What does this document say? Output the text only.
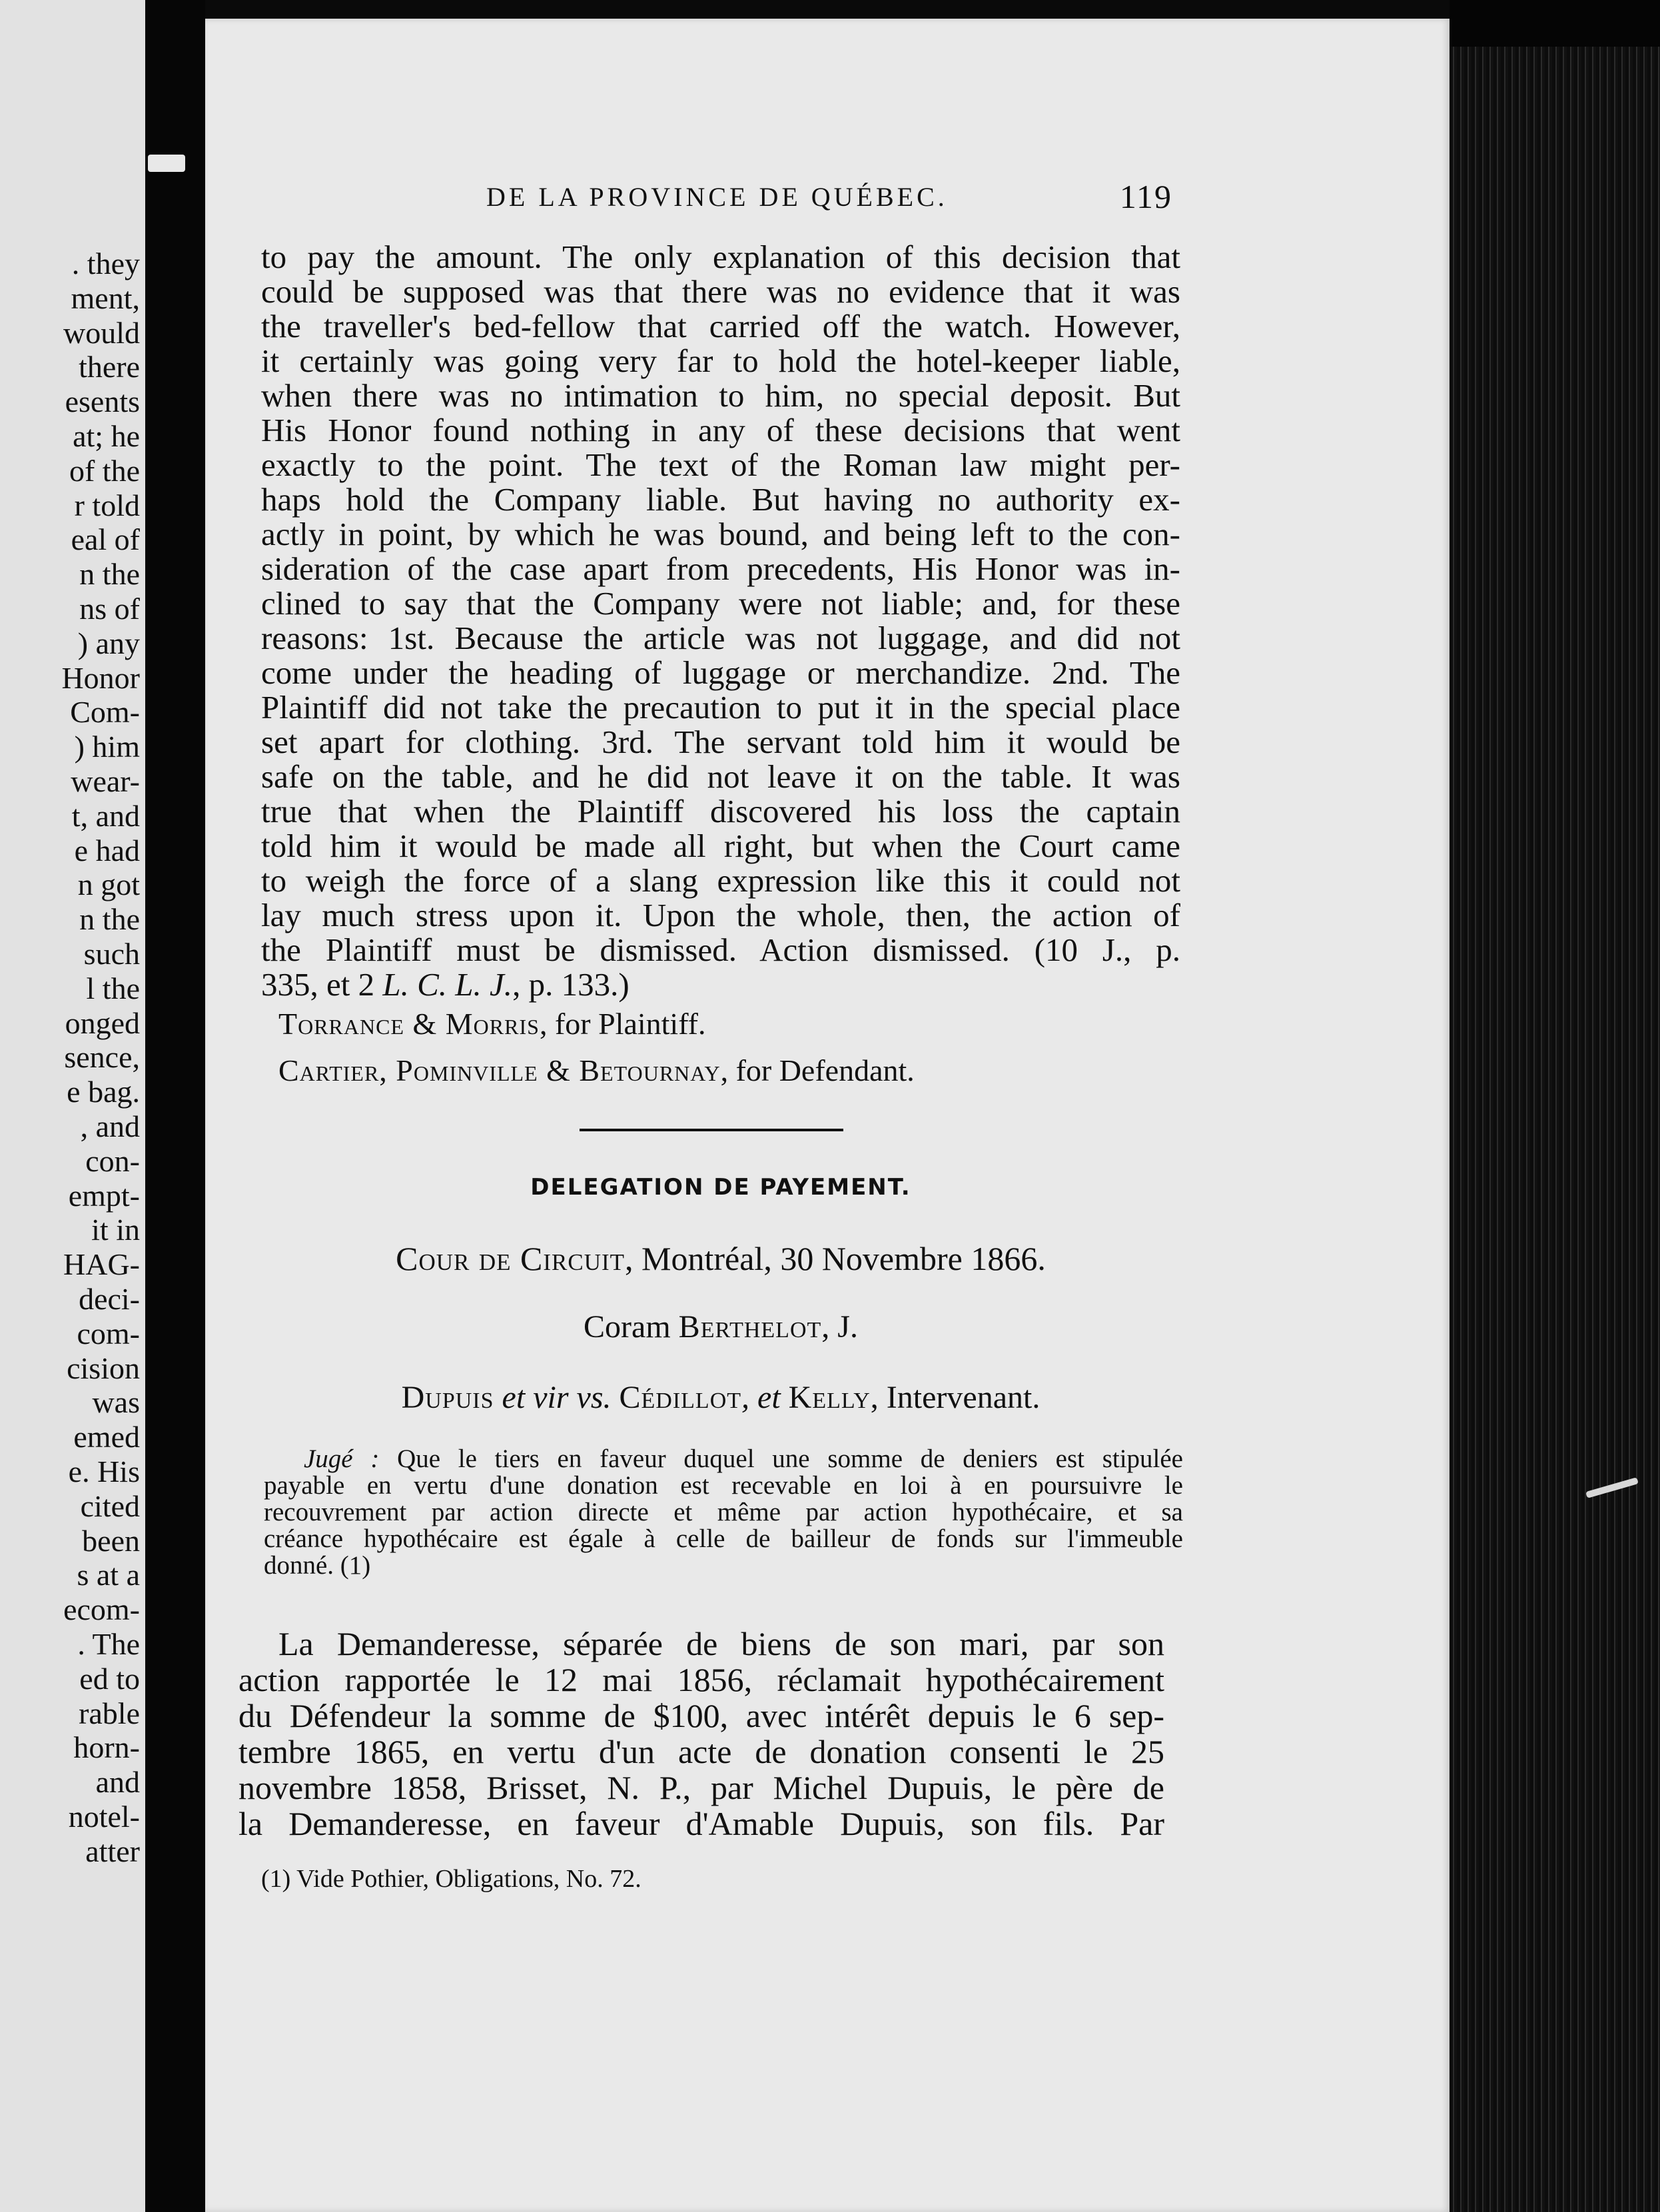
. they
ment,
would
there
esents
at; he
of the
r told
eal of
n the
ns of
) any
Honor
Com-
) him
wear-
t, and
e had
n got
n the
such
l the
onged
sence,
e bag.
, and
con-
empt-
it in
HAG-
deci-
com-
cision
was
emed
e. His
cited
been
s at a
ecom-
. The
ed to
rable
horn-
and
notel-
atter
DE LA PROVINCE DE QUÉBEC.	119
to pay the amount. The only explanation of this decision that
could be supposed was that there was no evidence that it was
the traveller's bed-fellow that carried off the watch. However,
it certainly was going very far to hold the hotel-keeper liable,
when there was no intimation to him, no special deposit. But
His Honor found nothing in any of these decisions that went
exactly to the point. The text of the Roman law might per-
haps hold the Company liable. But having no authority ex-
actly in point, by which he was bound, and being left to the con-
sideration of the case apart from precedents, His Honor was in-
clined to say that the Company were not liable; and, for these
reasons: 1st. Because the article was not luggage, and did not
come under the heading of luggage or merchandize. 2nd. The
Plaintiff did not take the precaution to put it in the special place
set apart for clothing. 3rd. The servant told him it would be
safe on the table, and he did not leave it on the table. It was
true that when the Plaintiff discovered his loss the captain
told him it would be made all right, but when the Court came
to weigh the force of a slang expression like this it could not
lay much stress upon it. Upon the whole, then, the action of
the Plaintiff must be dismissed. Action dismissed. (10 J., p.
335, et 2 L. C. L. J., p. 133.)
Torrance & Morris, for Plaintiff.
Cartier, Pominville & Betournay, for Defendant.
DELEGATION DE PAYEMENT.
Cour de Circuit, Montréal, 30 Novembre 1866.
Coram Berthelot, J.
Dupuis et vir vs. Cédillot, et Kelly, Intervenant.
Jugé : Que le tiers en faveur duquel une somme de deniers est stipulée
payable en vertu d'une donation est recevable en loi à en poursuivre le
recouvrement par action directe et même par action hypothécaire, et sa
créance hypothécaire est égale à celle de bailleur de fonds sur l'immeuble
donné. (1)
La Demanderesse, séparée de biens de son mari, par son
action rapportée le 12 mai 1856, réclamait hypothécairement
du Défendeur la somme de $100, avec intérêt depuis le 6 sep-
tembre 1865, en vertu d'un acte de donation consenti le 25
novembre 1858, Brisset, N. P., par Michel Dupuis, le père de
la Demanderesse, en faveur d'Amable Dupuis, son fils. Par
(1) Vide Pothier, Obligations, No. 72.
